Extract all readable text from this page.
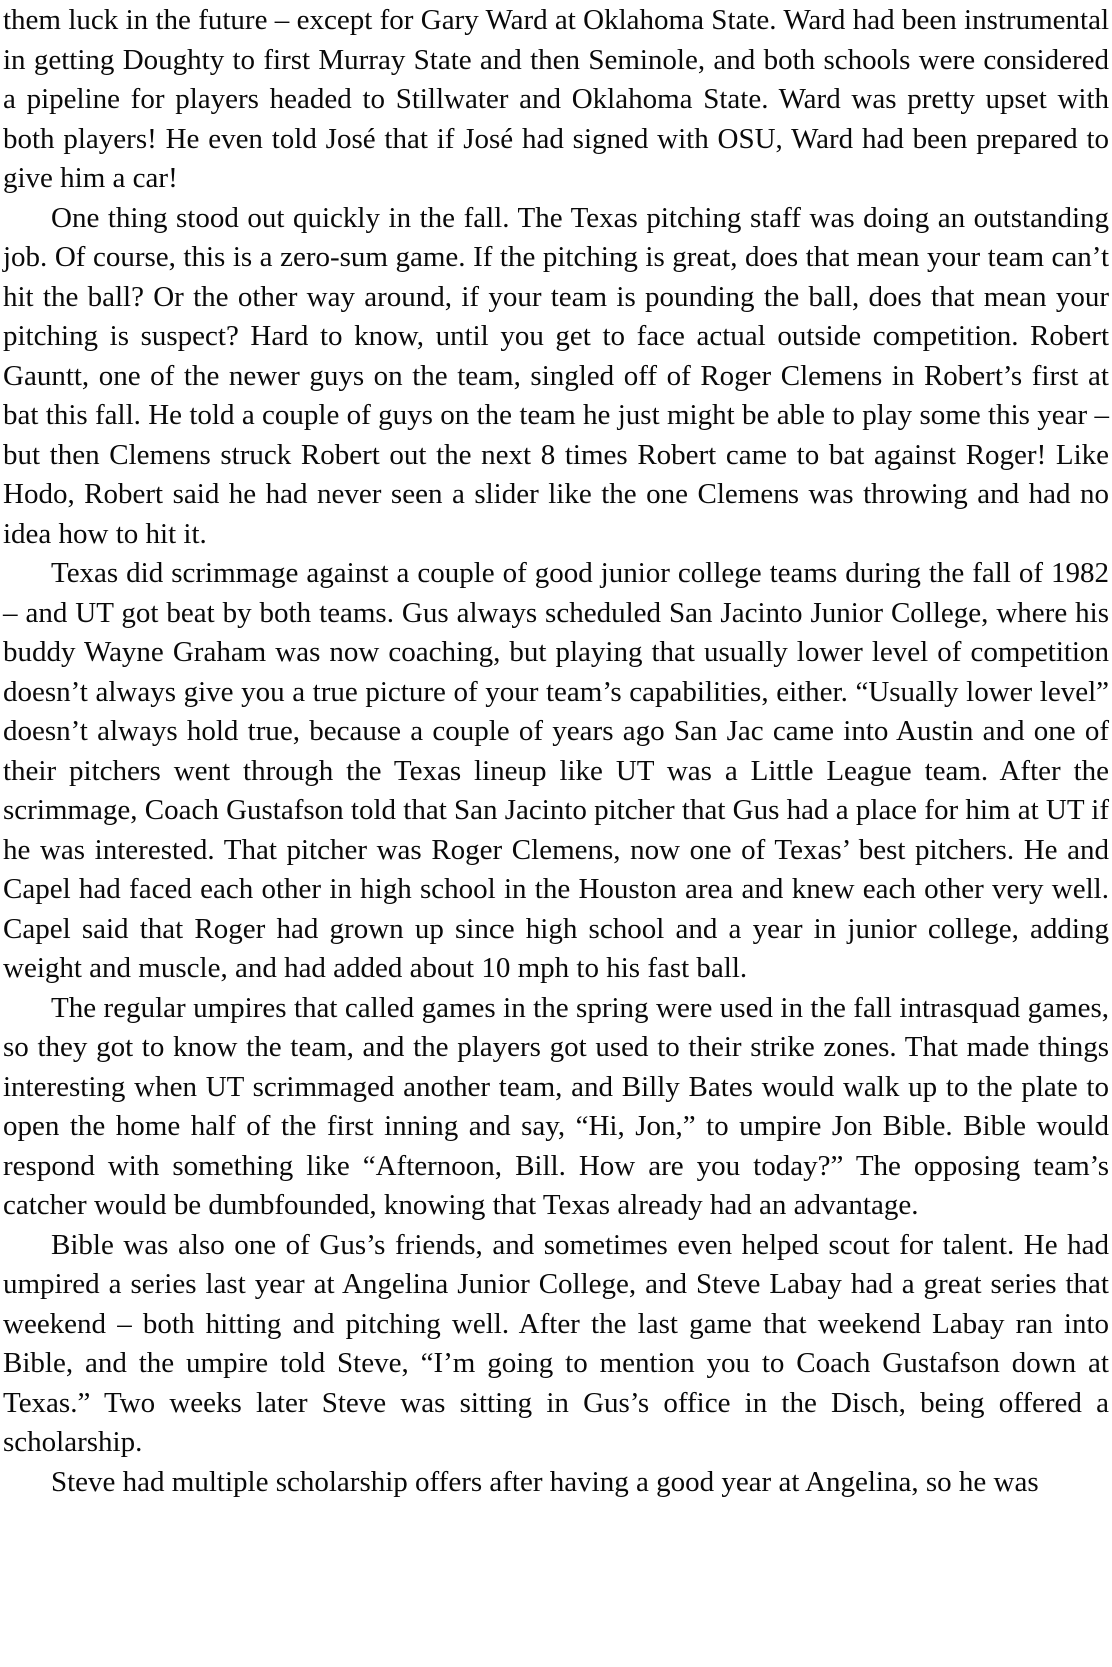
them luck in the future – except for Gary Ward at Oklahoma State. Ward had been instrumental in getting Doughty to first Murray State and then Seminole, and both schools were considered a pipeline for players headed to Stillwater and Oklahoma State. Ward was pretty upset with both players! He even told José that if José had signed with OSU, Ward had been prepared to give him a car!

One thing stood out quickly in the fall. The Texas pitching staff was doing an outstanding job. Of course, this is a zero-sum game. If the pitching is great, does that mean your team can’t hit the ball? Or the other way around, if your team is pounding the ball, does that mean your pitching is suspect? Hard to know, until you get to face actual outside competition. Robert Gauntt, one of the newer guys on the team, singled off of Roger Clemens in Robert’s first at bat this fall. He told a couple of guys on the team he just might be able to play some this year – but then Clemens struck Robert out the next 8 times Robert came to bat against Roger! Like Hodo, Robert said he had never seen a slider like the one Clemens was throwing and had no idea how to hit it.

Texas did scrimmage against a couple of good junior college teams during the fall of 1982 – and UT got beat by both teams. Gus always scheduled San Jacinto Junior College, where his buddy Wayne Graham was now coaching, but playing that usually lower level of competition doesn’t always give you a true picture of your team’s capabilities, either. “Usually lower level” doesn’t always hold true, because a couple of years ago San Jac came into Austin and one of their pitchers went through the Texas lineup like UT was a Little League team. After the scrimmage, Coach Gustafson told that San Jacinto pitcher that Gus had a place for him at UT if he was interested. That pitcher was Roger Clemens, now one of Texas’ best pitchers. He and Capel had faced each other in high school in the Houston area and knew each other very well. Capel said that Roger had grown up since high school and a year in junior college, adding weight and muscle, and had added about 10 mph to his fast ball.

The regular umpires that called games in the spring were used in the fall intrasquad games, so they got to know the team, and the players got used to their strike zones. That made things interesting when UT scrimmaged another team, and Billy Bates would walk up to the plate to open the home half of the first inning and say, “Hi, Jon,” to umpire Jon Bible. Bible would respond with something like “Afternoon, Bill. How are you today?” The opposing team’s catcher would be dumbfounded, knowing that Texas already had an advantage.

Bible was also one of Gus’s friends, and sometimes even helped scout for talent. He had umpired a series last year at Angelina Junior College, and Steve Labay had a great series that weekend – both hitting and pitching well. After the last game that weekend Labay ran into Bible, and the umpire told Steve, “I’m going to mention you to Coach Gustafson down at Texas.” Two weeks later Steve was sitting in Gus’s office in the Disch, being offered a scholarship.

Steve had multiple scholarship offers after having a good year at Angelina, so he was
